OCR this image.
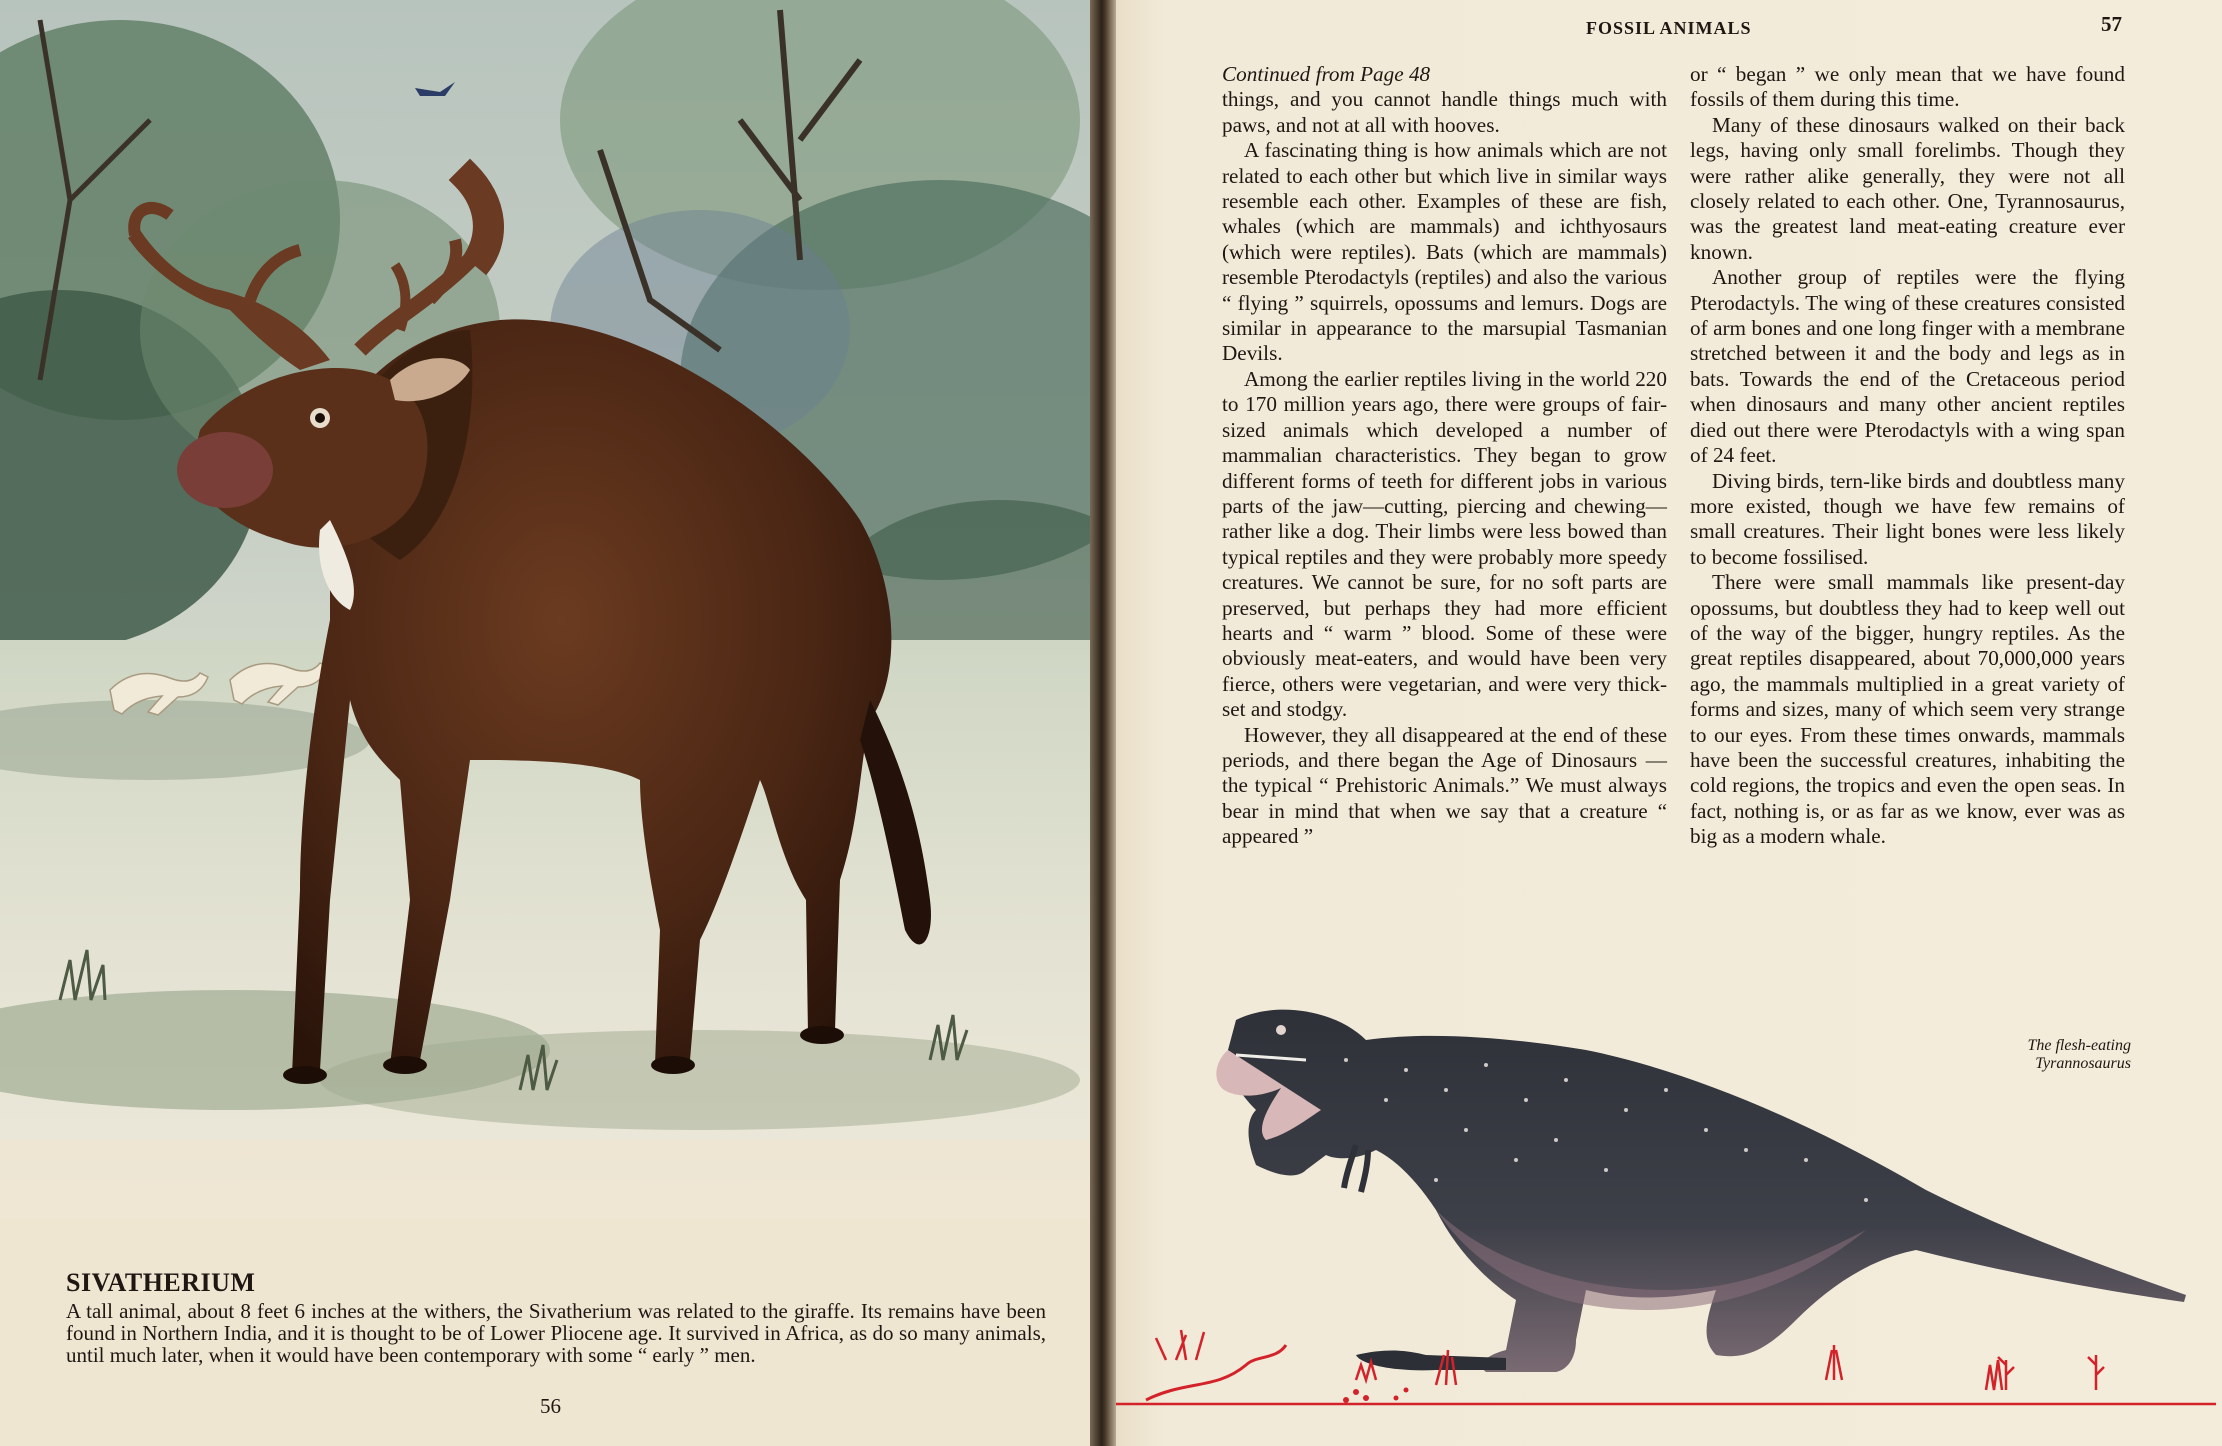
SIVATHERIUM

A tall animal, about 8 feet 6 inches at the withers, the Sivatherium was related to the giraffe. Its remains have been found in Northern India, and it is thought to be of Lower Pliocene age. It survived in Africa, as do so many animals, until much later, when it would have been contemporary with some “ early ” men.

56
FOSSIL ANIMALS	57

Continued from Page 48

things, and you cannot handle things much with paws, and not at all with hooves.

A fascinating thing is how animals which are not related to each other but which live in similar ways resemble each other. Examples of these are fish, whales (which are mammals) and ichthyosaurs (which were reptiles). Bats (which are mammals) resemble Pterodactyls (reptiles) and also the various “ flying ” squirrels, opossums and lemurs. Dogs are similar in appearance to the marsupial Tasmanian Devils.

Among the earlier reptiles living in the world 220 to 170 million years ago, there were groups of fair-sized animals which developed a number of mammalian characteristics. They began to grow different forms of teeth for different jobs in various parts of the jaw—cutting, piercing and chewing—rather like a dog. Their limbs were less bowed than typical reptiles and they were probably more speedy creatures. We cannot be sure, for no soft parts are preserved, but perhaps they had more efficient hearts and “ warm ” blood. Some of these were obviously meat-eaters, and would have been very fierce, others were vegetarian, and were very thick-set and stodgy.

However, they all disappeared at the end of these periods, and there began the Age of Dinosaurs — the typical “ Prehistoric Animals.” We must always bear in mind that when we say that a creature “ appeared ”

or “ began ” we only mean that we have found fossils of them during this time.

Many of these dinosaurs walked on their back legs, having only small forelimbs. Though they were rather alike generally, they were not all closely related to each other. One, Tyrannosaurus, was the greatest land meat-eating creature ever known.

Another group of reptiles were the flying Pterodactyls. The wing of these creatures consisted of arm bones and one long finger with a membrane stretched between it and the body and legs as in bats. Towards the end of the Cretaceous period when dinosaurs and many other ancient reptiles died out there were Pterodactyls with a wing span of 24 feet.

Diving birds, tern-like birds and doubtless many more existed, though we have few remains of small creatures. Their light bones were less likely to become fossilised.

There were small mammals like present-day opossums, but doubtless they had to keep well out of the way of the bigger, hungry reptiles. As the great reptiles disappeared, about 70,000,000 years ago, the mammals multiplied in a great variety of forms and sizes, many of which seem very strange to our eyes. From these times onwards, mammals have been the successful creatures, inhabiting the cold regions, the tropics and even the open seas. In fact, nothing is, or as far as we know, ever was as big as a modern whale.

The flesh-eating
Tyrannosaurus
